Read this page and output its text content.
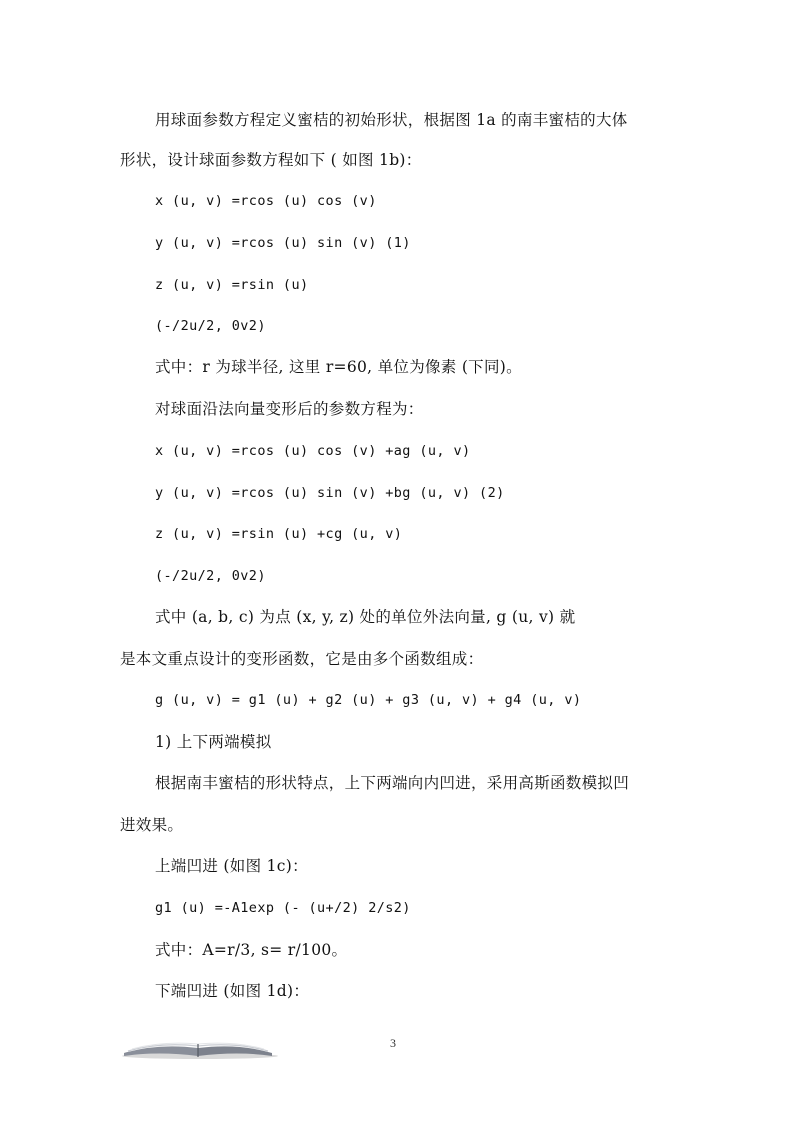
用球面参数方程定义蜜桔的初始形状，根据图 1a 的南丰蜜桔的大体
形状，设计球面参数方程如下 ( 如图 1b)：
x (u, v) =rcos (u) cos (v)
y (u, v) =rcos (u) sin (v) (1)
z (u, v) =rsin (u)
(-/2u/2, 0v2)
式中：r 为球半径, 这里 r=60, 单位为像素 (下同)。
对球面沿法向量变形后的参数方程为：
x (u, v) =rcos (u) cos (v) +ag (u, v)
y (u, v) =rcos (u) sin (v) +bg (u, v) (2)
z (u, v) =rsin (u) +cg (u, v)
(-/2u/2, 0v2)
式中 (a, b, c) 为点 (x, y, z) 处的单位外法向量, g (u, v) 就
是本文重点设计的变形函数，它是由多个函数组成：
g (u, v) = g1 (u) + g2 (u) + g3 (u, v) + g4 (u, v)
1) 上下两端模拟
根据南丰蜜桔的形状特点，上下两端向内凹进，采用高斯函数模拟凹
进效果。
上端凹进 (如图 1c)：
g1 (u) =-A1exp (- (u+/2) 2/s2)
式中：A=r/3, s= r/100。
下端凹进 (如图 1d)：
3
